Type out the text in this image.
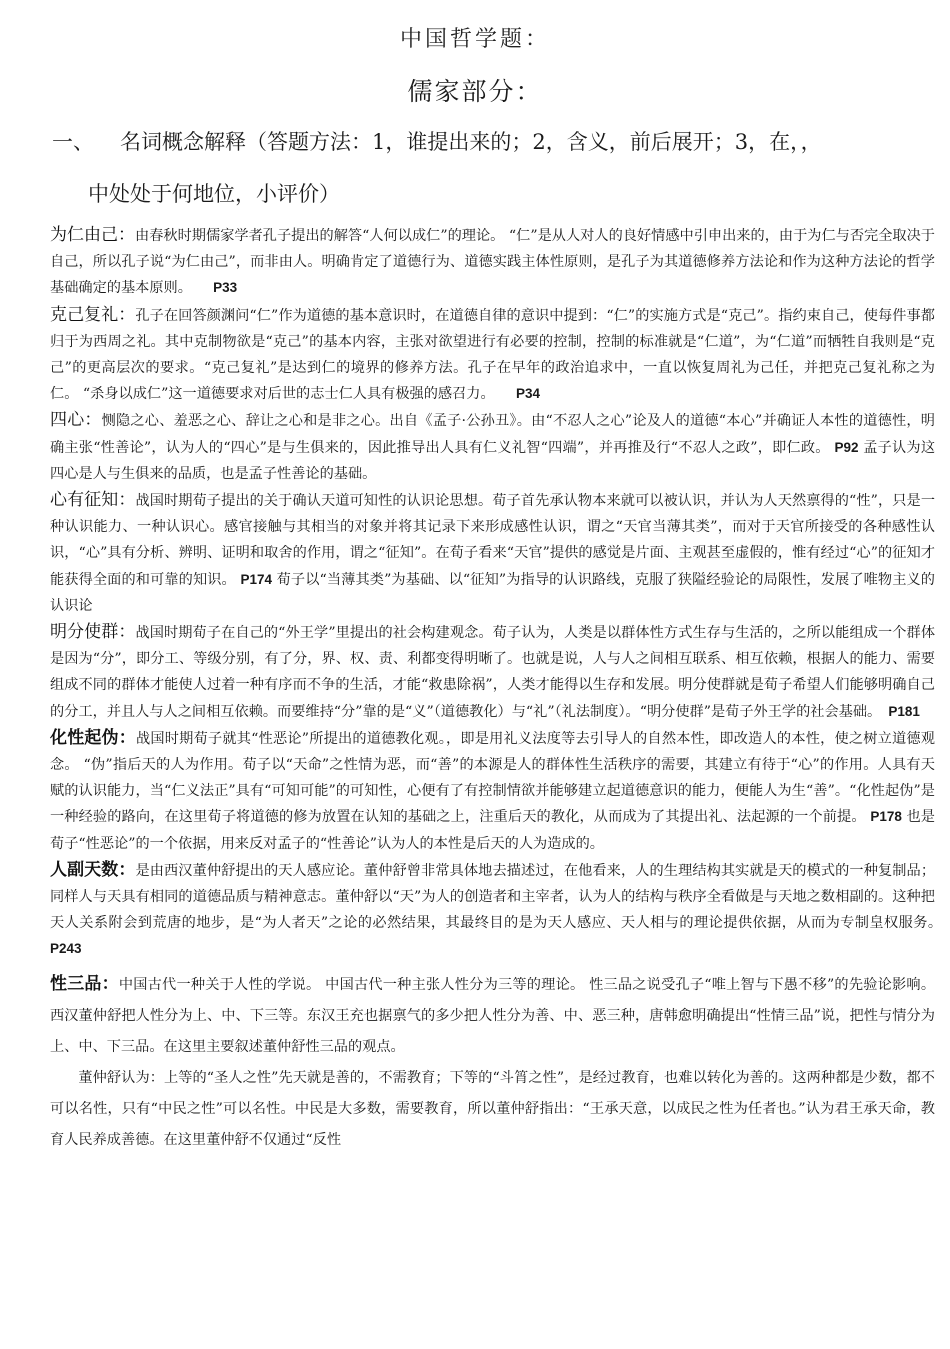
中国哲学题：
儒家部分：
一、 名词概念解释（答题方法：1，谁提出来的；2，含义，前后展开；3，在，，
中处处于何地位，小评价）

为仁由己：由春秋时期儒家学者孔子提出的解答“人何以成仁”的理论。 “仁”是从人对人的良好情感中引申出来的，由于为仁与否完全取决于自己，所以孔子说“为仁由己”，而非由人。明确肯定了道德行为、道德实践主体性原则，是孔子为其道德修养方法论和作为这种方法论的哲学基础确定的基本原则。　　 P33

克己复礼：孔子在回答颜渊问“仁”作为道德的基本意识时，在道德自律的意识中提到：“仁”的实施方式是“克己”。指约束自己，使每件事都归于为西周之礼。其中克制物欲是“克己”的基本内容，主张对欲望进行有必要的控制，控制的标准就是“仁道”，为“仁道”而牺牲自我则是“克己”的更高层次的要求。“克己复礼”是达到仁的境界的修养方法。孔子在早年的政治追求中，一直以恢复周礼为己任，并把克己复礼称之为仁。 “杀身以成仁”这一道德要求对后世的志士仁人具有极强的感召力。　　 P34

四心：恻隐之心、羞恶之心、辞让之心和是非之心。出自《孟子·公孙丑》。由“不忍人之心”论及人的道德“本心”并确证人本性的道德性，明确主张“性善论”，认为人的“四心”是与生俱来的，因此推导出人具有仁义礼智“四端”，并再推及行“不忍人之政”，即仁政。 P92 孟子认为这四心是人与生俱来的品质，也是孟子性善论的基础。

心有征知：战国时期荀子提出的关于确认天道可知性的认识论思想。荀子首先承认物本来就可以被认识，并认为人天然禀得的“性”，只是一种认识能力、一种认识心。感官接触与其相当的对象并将其记录下来形成感性认识，谓之“天官当薄其类”，而对于天官所接受的各种感性认识，“心”具有分析、辨明、证明和取舍的作用，谓之“征知”。在荀子看来“天官”提供的感觉是片面、主观甚至虚假的，惟有经过“心”的征知才能获得全面的和可靠的知识。 P174 荀子以“当薄其类”为基础、以“征知”为指导的认识路线，克服了狭隘经验论的局限性，发展了唯物主义的认识论

明分使群：战国时期荀子在自己的“外王学”里提出的社会构建观念。荀子认为，人类是以群体性方式生存与生活的，之所以能组成一个群体是因为“分”，即分工、等级分别，有了分，界、权、责、利都变得明晰了。也就是说，人与人之间相互联系、相互依赖，根据人的能力、需要组成不同的群体才能使人过着一种有序而不争的生活，才能“救患除祸”，人类才能得以生存和发展。明分使群就是荀子希望人们能够明确自己的分工，并且人与人之间相互依赖。而要维持“分”靠的是“义”（道德教化）与“礼”（礼法制度）。“明分使群”是荀子外王学的社会基础。　 P181

化性起伪：战国时期荀子就其“性恶论”所提出的道德教化观。，即是用礼义法度等去引导人的自然本性，即改造人的本性，使之树立道德观念。 “伪”指后天的人为作用。荀子以“天命”之性情为恶，而“善”的本源是人的群体性生活秩序的需要，其建立有待于“心”的作用。人具有天赋的认识能力，当“仁义法正”具有“可知可能”的可知性，心便有了有控制情欲并能够建立起道德意识的能力，便能人为生“善”。“化性起伪”是一种经验的路向，在这里荀子将道德的修为放置在认知的基础之上，注重后天的教化，从而成为了其提出礼、法起源的一个前提。 P178 也是荀子“性恶论”的一个依据，用来反对孟子的“性善论”认为人的本性是后天的人为造成的。

人副天数：是由西汉董仲舒提出的天人感应论。董仲舒曾非常具体地去描述过，在他看来，人的生理结构其实就是天的模式的一种复制品；同样人与天具有相同的道德品质与精神意志。董仲舒以“天”为人的创造者和主宰者，认为人的结构与秩序全看做是与天地之数相副的。这种把天人关系附会到荒唐的地步，是“为人者天”之论的必然结果，其最终目的是为天人感应、天人相与的理论提供依据，从而为专制皇权服务。　　P243

性三品：中国古代一种关于人性的学说。 中国古代一种主张人性分为三等的理论。 性三品之说受孔子“唯上智与下愚不移”的先验论影响。西汉董仲舒把人性分为上、中、下三等。东汉王充也据禀气的多少把人性分为善、中、恶三种，唐韩愈明确提出“性情三品”说，把性与情分为上、中、下三品。在这里主要叙述董仲舒性三品的观点。

董仲舒认为：上等的“圣人之性”先天就是善的，不需教育；下等的“斗筲之性”，是经过教育，也难以转化为善的。这两种都是少数，都不可以名性，只有“中民之性”可以名性。中民是大多数，需要教育，所以董仲舒指出：“王承天意，以成民之性为任者也。”认为君王承天命，教育人民养成善德。在这里董仲舒不仅通过“反性
